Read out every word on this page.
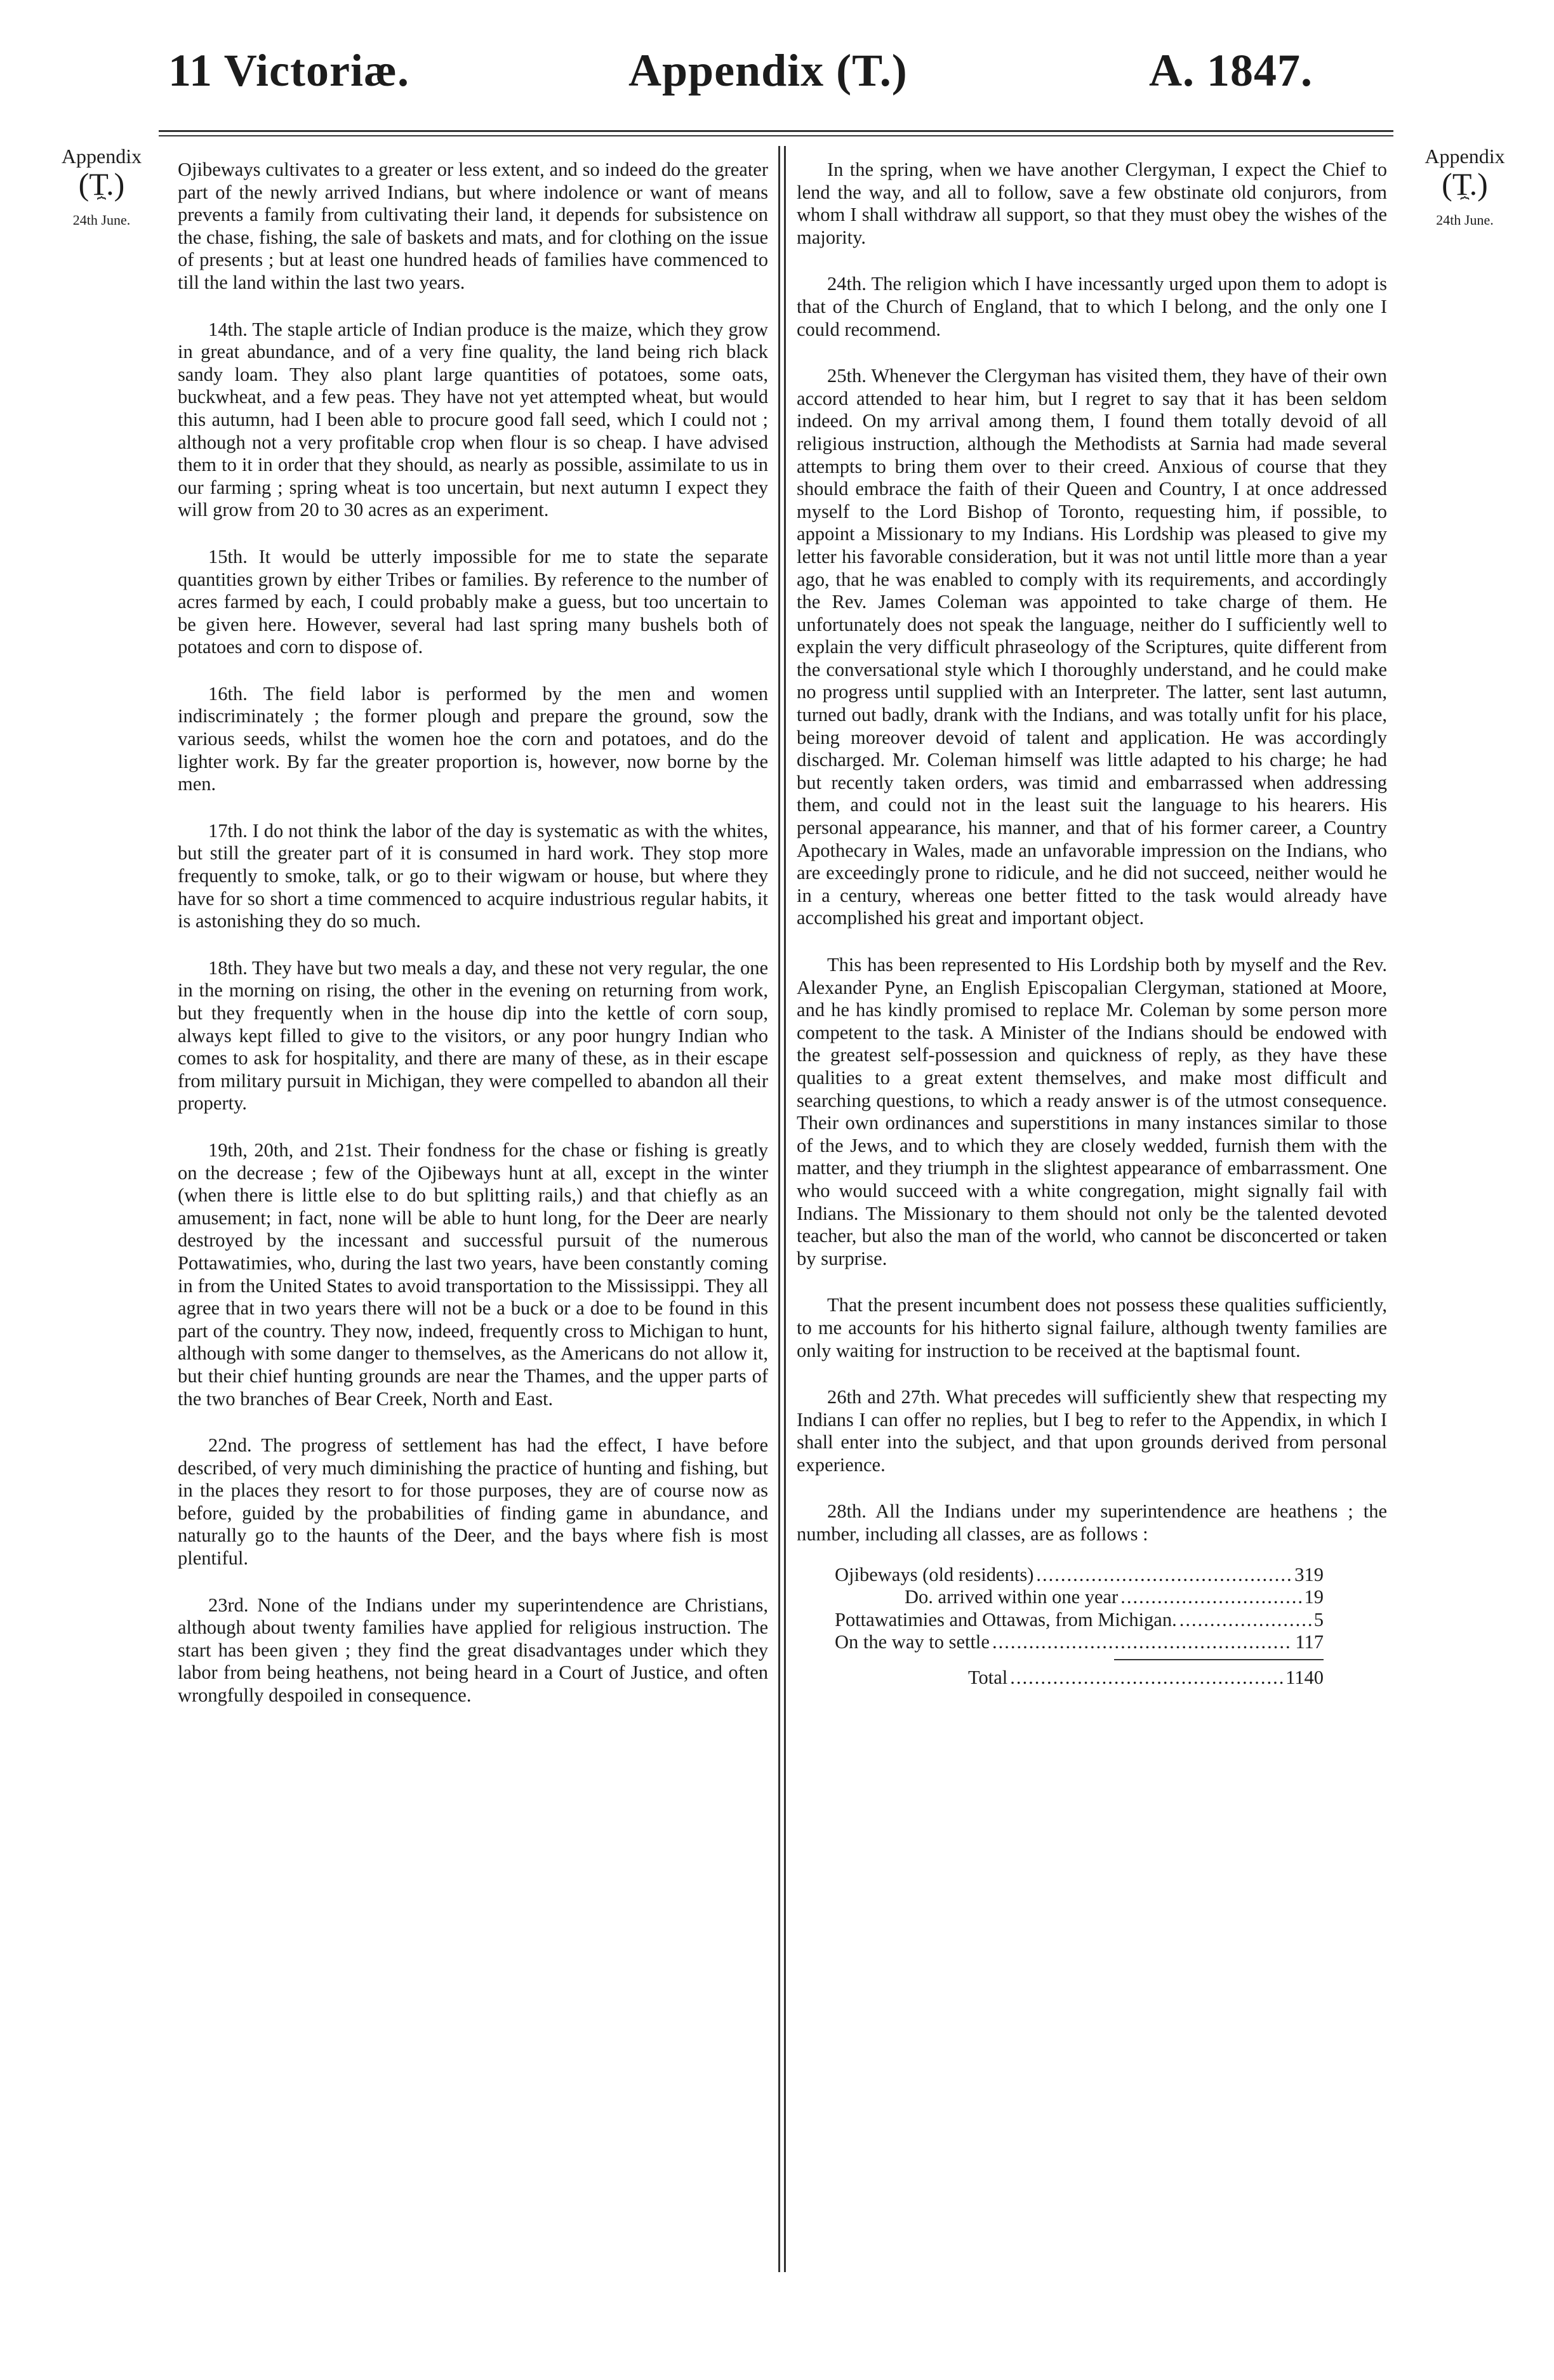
11 Victoriæ.	Appendix (T.)	A. 1847.
Appendix
(T.)
⏞
24th June.
Appendix
(T.)
⏞
24th June.

Ojibeways cultivates to a greater or less extent, and so indeed do the greater part of the newly arrived Indians, but where indolence or want of means prevents a family from cultivating their land, it depends for subsistence on the chase, fishing, the sale of baskets and mats, and for clothing on the issue of presents ; but at least one hundred heads of families have commenced to till the land within the last two years.

14th. The staple article of Indian produce is the maize, which they grow in great abundance, and of a very fine quality, the land being rich black sandy loam. They also plant large quantities of potatoes, some oats, buckwheat, and a few peas. They have not yet attempted wheat, but would this autumn, had I been able to procure good fall seed, which I could not ; although not a very profitable crop when flour is so cheap. I have advised them to it in order that they should, as nearly as possible, assimilate to us in our farming ; spring wheat is too uncertain, but next autumn I expect they will grow from 20 to 30 acres as an experiment.

15th. It would be utterly impossible for me to state the separate quantities grown by either Tribes or families. By reference to the number of acres farmed by each, I could probably make a guess, but too uncertain to be given here. However, several had last spring many bushels both of potatoes and corn to dispose of.

16th. The field labor is performed by the men and women indiscriminately ; the former plough and prepare the ground, sow the various seeds, whilst the women hoe the corn and potatoes, and do the lighter work. By far the greater proportion is, however, now borne by the men.

17th. I do not think the labor of the day is systematic as with the whites, but still the greater part of it is consumed in hard work. They stop more frequently to smoke, talk, or go to their wigwam or house, but where they have for so short a time commenced to acquire industrious regular habits, it is astonishing they do so much.

18th. They have but two meals a day, and these not very regular, the one in the morning on rising, the other in the evening on returning from work, but they frequently when in the house dip into the kettle of corn soup, always kept filled to give to the visitors, or any poor hungry Indian who comes to ask for hospitality, and there are many of these, as in their escape from military pursuit in Michigan, they were compelled to abandon all their property.

19th, 20th, and 21st. Their fondness for the chase or fishing is greatly on the decrease ; few of the Ojibeways hunt at all, except in the winter (when there is little else to do but splitting rails,) and that chiefly as an amusement; in fact, none will be able to hunt long, for the Deer are nearly destroyed by the incessant and successful pursuit of the numerous Pottawatimies, who, during the last two years, have been constantly coming in from the United States to avoid transportation to the Mississippi. They all agree that in two years there will not be a buck or a doe to be found in this part of the country. They now, indeed, frequently cross to Michigan to hunt, although with some danger to themselves, as the Americans do not allow it, but their chief hunting grounds are near the Thames, and the upper parts of the two branches of Bear Creek, North and East.

22nd. The progress of settlement has had the effect, I have before described, of very much diminishing the practice of hunting and fishing, but in the places they resort to for those purposes, they are of course now as before, guided by the probabilities of finding game in abundance, and naturally go to the haunts of the Deer, and the bays where fish is most plentiful.

23rd. None of the Indians under my superintendence are Christians, although about twenty families have applied for religious instruction. The start has been given ; they find the great disadvantages under which they labor from being heathens, not being heard in a Court of Justice, and often wrongfully despoiled in consequence.

In the spring, when we have another Clergyman, I expect the Chief to lend the way, and all to follow, save a few obstinate old conjurors, from whom I shall withdraw all support, so that they must obey the wishes of the majority.

24th. The religion which I have incessantly urged upon them to adopt is that of the Church of England, that to which I belong, and the only one I could recommend.

25th. Whenever the Clergyman has visited them, they have of their own accord attended to hear him, but I regret to say that it has been seldom indeed. On my arrival among them, I found them totally devoid of all religious instruction, although the Methodists at Sarnia had made several attempts to bring them over to their creed. Anxious of course that they should embrace the faith of their Queen and Country, I at once addressed myself to the Lord Bishop of Toronto, requesting him, if possible, to appoint a Missionary to my Indians. His Lordship was pleased to give my letter his favorable consideration, but it was not until little more than a year ago, that he was enabled to comply with its requirements, and accordingly the Rev. James Coleman was appointed to take charge of them. He unfortunately does not speak the language, neither do I sufficiently well to explain the very difficult phraseology of the Scriptures, quite different from the conversational style which I thoroughly understand, and he could make no progress until supplied with an Interpreter. The latter, sent last autumn, turned out badly, drank with the Indians, and was totally unfit for his place, being moreover devoid of talent and application. He was accordingly discharged. Mr. Coleman himself was little adapted to his charge; he had but recently taken orders, was timid and embarrassed when addressing them, and could not in the least suit the language to his hearers. His personal appearance, his manner, and that of his former career, a Country Apothecary in Wales, made an unfavorable impression on the Indians, who are exceedingly prone to ridicule, and he did not succeed, neither would he in a century, whereas one better fitted to the task would already have accomplished his great and important object.

This has been represented to His Lordship both by myself and the Rev. Alexander Pyne, an English Episcopalian Clergyman, stationed at Moore, and he has kindly promised to replace Mr. Coleman by some person more competent to the task. A Minister of the Indians should be endowed with the greatest self-possession and quickness of reply, as they have these qualities to a great extent themselves, and make most difficult and searching questions, to which a ready answer is of the utmost consequence. Their own ordinances and superstitions in many instances similar to those of the Jews, and to which they are closely wedded, furnish them with the matter, and they triumph in the slightest appearance of embarrassment. One who would succeed with a white congregation, might signally fail with Indians. The Missionary to them should not only be the talented devoted teacher, but also the man of the world, who cannot be disconcerted or taken by surprise.

That the present incumbent does not possess these qualities sufficiently, to me accounts for his hitherto signal failure, although twenty families are only waiting for instruction to be received at the baptismal fount.

26th and 27th. What precedes will sufficiently shew that respecting my Indians I can offer no replies, but I beg to refer to the Appendix, in which I shall enter into the subject, and that upon grounds derived from personal experience.

28th. All the Indians under my superintendence are heathens ; the number, including all classes, are as follows :

Ojibeways (old residents) .....	319
Do. arrived within one year .....	19
Pottawatimies and Ottawas, from Michigan. .....	5
On the way to settle .....	117
Total .....	1140
